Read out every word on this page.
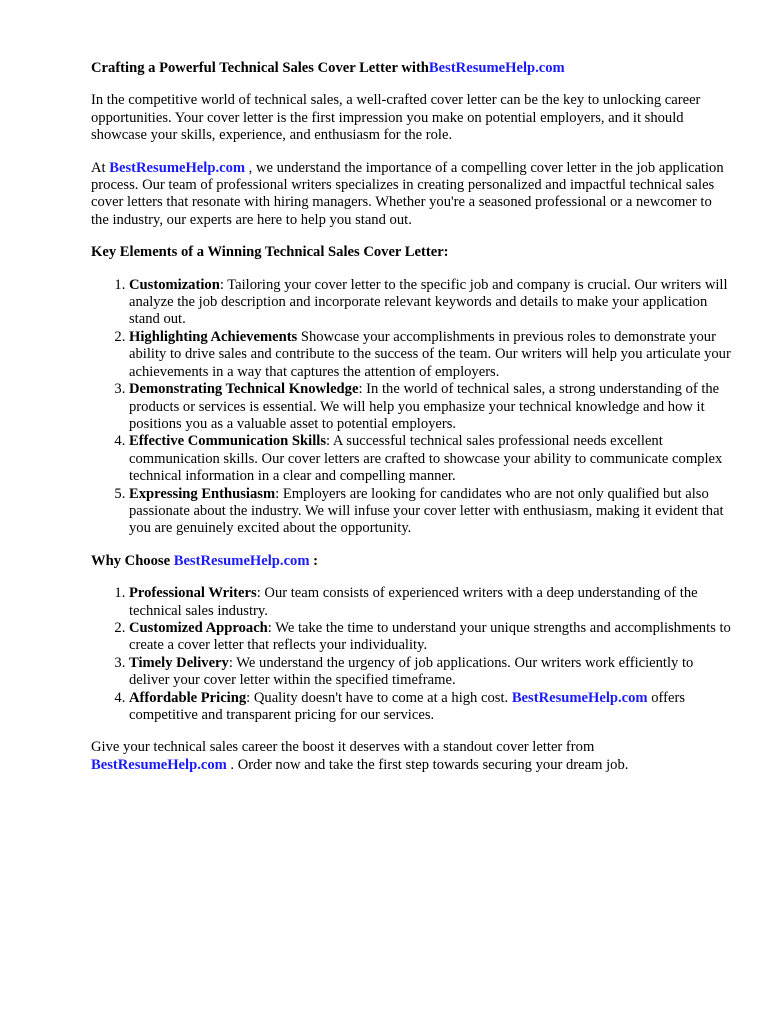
Crafting a Powerful Technical Sales Cover Letter withBestResumeHelp.com

In the competitive world of technical sales, a well-crafted cover letter can be the key to unlocking career opportunities. Your cover letter is the first impression you make on potential employers, and it should showcase your skills, experience, and enthusiasm for the role.

At BestResumeHelp.com , we understand the importance of a compelling cover letter in the job application process. Our team of professional writers specializes in creating personalized and impactful technical sales cover letters that resonate with hiring managers. Whether you're a seasoned professional or a newcomer to the industry, our experts are here to help you stand out.

Key Elements of a Winning Technical Sales Cover Letter:

1. Customization: Tailoring your cover letter to the specific job and company is crucial. Our writers will analyze the job description and incorporate relevant keywords and details to make your application stand out.
2. Highlighting Achievements Showcase your accomplishments in previous roles to demonstrate your ability to drive sales and contribute to the success of the team. Our writers will help you articulate your achievements in a way that captures the attention of employers.
3. Demonstrating Technical Knowledge: In the world of technical sales, a strong understanding of the products or services is essential. We will help you emphasize your technical knowledge and how it positions you as a valuable asset to potential employers.
4. Effective Communication Skills: A successful technical sales professional needs excellent communication skills. Our cover letters are crafted to showcase your ability to communicate complex technical information in a clear and compelling manner.
5. Expressing Enthusiasm: Employers are looking for candidates who are not only qualified but also passionate about the industry. We will infuse your cover letter with enthusiasm, making it evident that you are genuinely excited about the opportunity.

Why Choose BestResumeHelp.com :

1. Professional Writers: Our team consists of experienced writers with a deep understanding of the technical sales industry.
2. Customized Approach: We take the time to understand your unique strengths and accomplishments to create a cover letter that reflects your individuality.
3. Timely Delivery: We understand the urgency of job applications. Our writers work efficiently to deliver your cover letter within the specified timeframe.
4. Affordable Pricing: Quality doesn't have to come at a high cost. BestResumeHelp.com offers competitive and transparent pricing for our services.

Give your technical sales career the boost it deserves with a standout cover letter from BestResumeHelp.com . Order now and take the first step towards securing your dream job.
